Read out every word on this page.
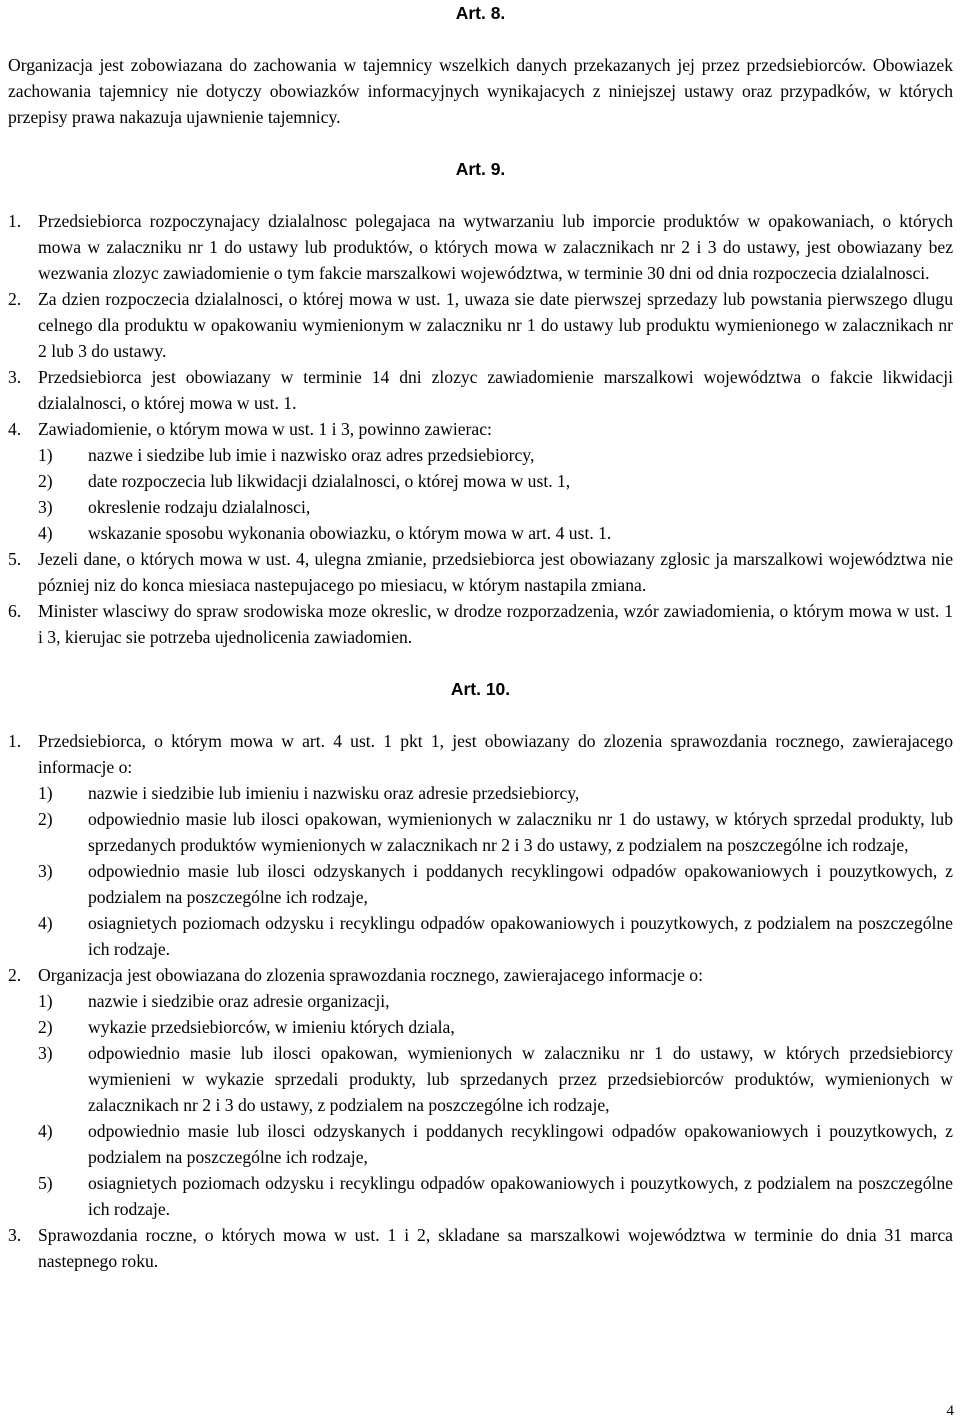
Art. 8.

Organizacja jest zobowiazana do zachowania w tajemnicy wszelkich danych przekazanych jej przez przedsiebiorców. Obowiazek zachowania tajemnicy nie dotyczy obowiazków informacyjnych wynikajacych z niniejszej ustawy oraz przypadków, w których przepisy prawa nakazuja ujawnienie tajemnicy.

Art. 9.
1. Przedsiebiorca rozpoczynajacy dzialalnosc polegajaca na wytwarzaniu lub imporcie produktów w opakowaniach, o których mowa w zalaczniku nr 1 do ustawy lub produktów, o których mowa w zalacznikach nr 2 i 3 do ustawy, jest obowiazany bez wezwania zlozyc zawiadomienie o tym fakcie marszalkowi województwa, w terminie 30 dni od dnia rozpoczecia dzialalnosci.
2. Za dzien rozpoczecia dzialalnosci, o której mowa w ust. 1, uwaza sie date pierwszej sprzedazy lub powstania pierwszego dlugu celnego dla produktu w opakowaniu wymienionym w zalaczniku nr 1 do ustawy lub produktu wymienionego w zalacznikach nr 2 lub 3 do ustawy.
3. Przedsiebiorca jest obowiazany w terminie 14 dni zlozyc zawiadomienie marszalkowi województwa o fakcie likwidacji dzialalnosci, o której mowa w ust. 1.
4. Zawiadomienie, o którym mowa w ust. 1 i 3, powinno zawierac:
1) nazwe i siedzibe lub imie i nazwisko oraz adres przedsiebiorcy,
2) date rozpoczecia lub likwidacji dzialalnosci, o której mowa w ust. 1,
3) okreslenie rodzaju dzialalnosci,
4) wskazanie sposobu wykonania obowiazku, o którym mowa w art. 4 ust. 1.
5. Jezeli dane, o których mowa w ust. 4, ulegna zmianie, przedsiebiorca jest obowiazany zglosic ja marszalkowi województwa nie pózniej niz do konca miesiaca nastepujacego po miesiacu, w którym nastapila zmiana.
6. Minister wlasciwy do spraw srodowiska moze okreslic, w drodze rozporzadzenia, wzór zawiadomienia, o którym mowa w ust. 1 i 3, kierujac sie potrzeba ujednolicenia zawiadomien.
Art. 10.
1. Przedsiebiorca, o którym mowa w art. 4 ust. 1 pkt 1, jest obowiazany do zlozenia sprawozdania rocznego, zawierajacego informacje o:
1) nazwie i siedzibie lub imieniu i nazwisku oraz adresie przedsiebiorcy,
2) odpowiednio masie lub ilosci opakowan, wymienionych w zalaczniku nr 1 do ustawy, w których sprzedal produkty, lub sprzedanych produktów wymienionych w zalacznikach nr 2 i 3 do ustawy, z podzialem na poszczególne ich rodzaje,
3) odpowiednio masie lub ilosci odzyskanych i poddanych recyklingowi odpadów opakowaniowych i pouzytkowych, z podzialem na poszczególne ich rodzaje,
4) osiagnietych poziomach odzysku i recyklingu odpadów opakowaniowych i pouzytkowych, z podzialem na poszczególne ich rodzaje.
2. Organizacja jest obowiazana do zlozenia sprawozdania rocznego, zawierajacego informacje o:
1) nazwie i siedzibie oraz adresie organizacji,
2) wykazie przedsiebiorców, w imieniu których dziala,
3) odpowiednio masie lub ilosci opakowan, wymienionych w zalaczniku nr 1 do ustawy, w których przedsiebiorcy wymienieni w wykazie sprzedali produkty, lub sprzedanych przez przedsiebiorców produktów, wymienionych w zalacznikach nr 2 i 3 do ustawy, z podzialem na poszczególne ich rodzaje,
4) odpowiednio masie lub ilosci odzyskanych i poddanych recyklingowi odpadów opakowaniowych i pouzytkowych, z podzialem na poszczególne ich rodzaje,
5) osiagnietych poziomach odzysku i recyklingu odpadów opakowaniowych i pouzytkowych, z podzialem na poszczególne ich rodzaje.
3. Sprawozdania roczne, o których mowa w ust. 1 i 2, skladane sa marszalkowi województwa w terminie do dnia 31 marca nastepnego roku.
4
